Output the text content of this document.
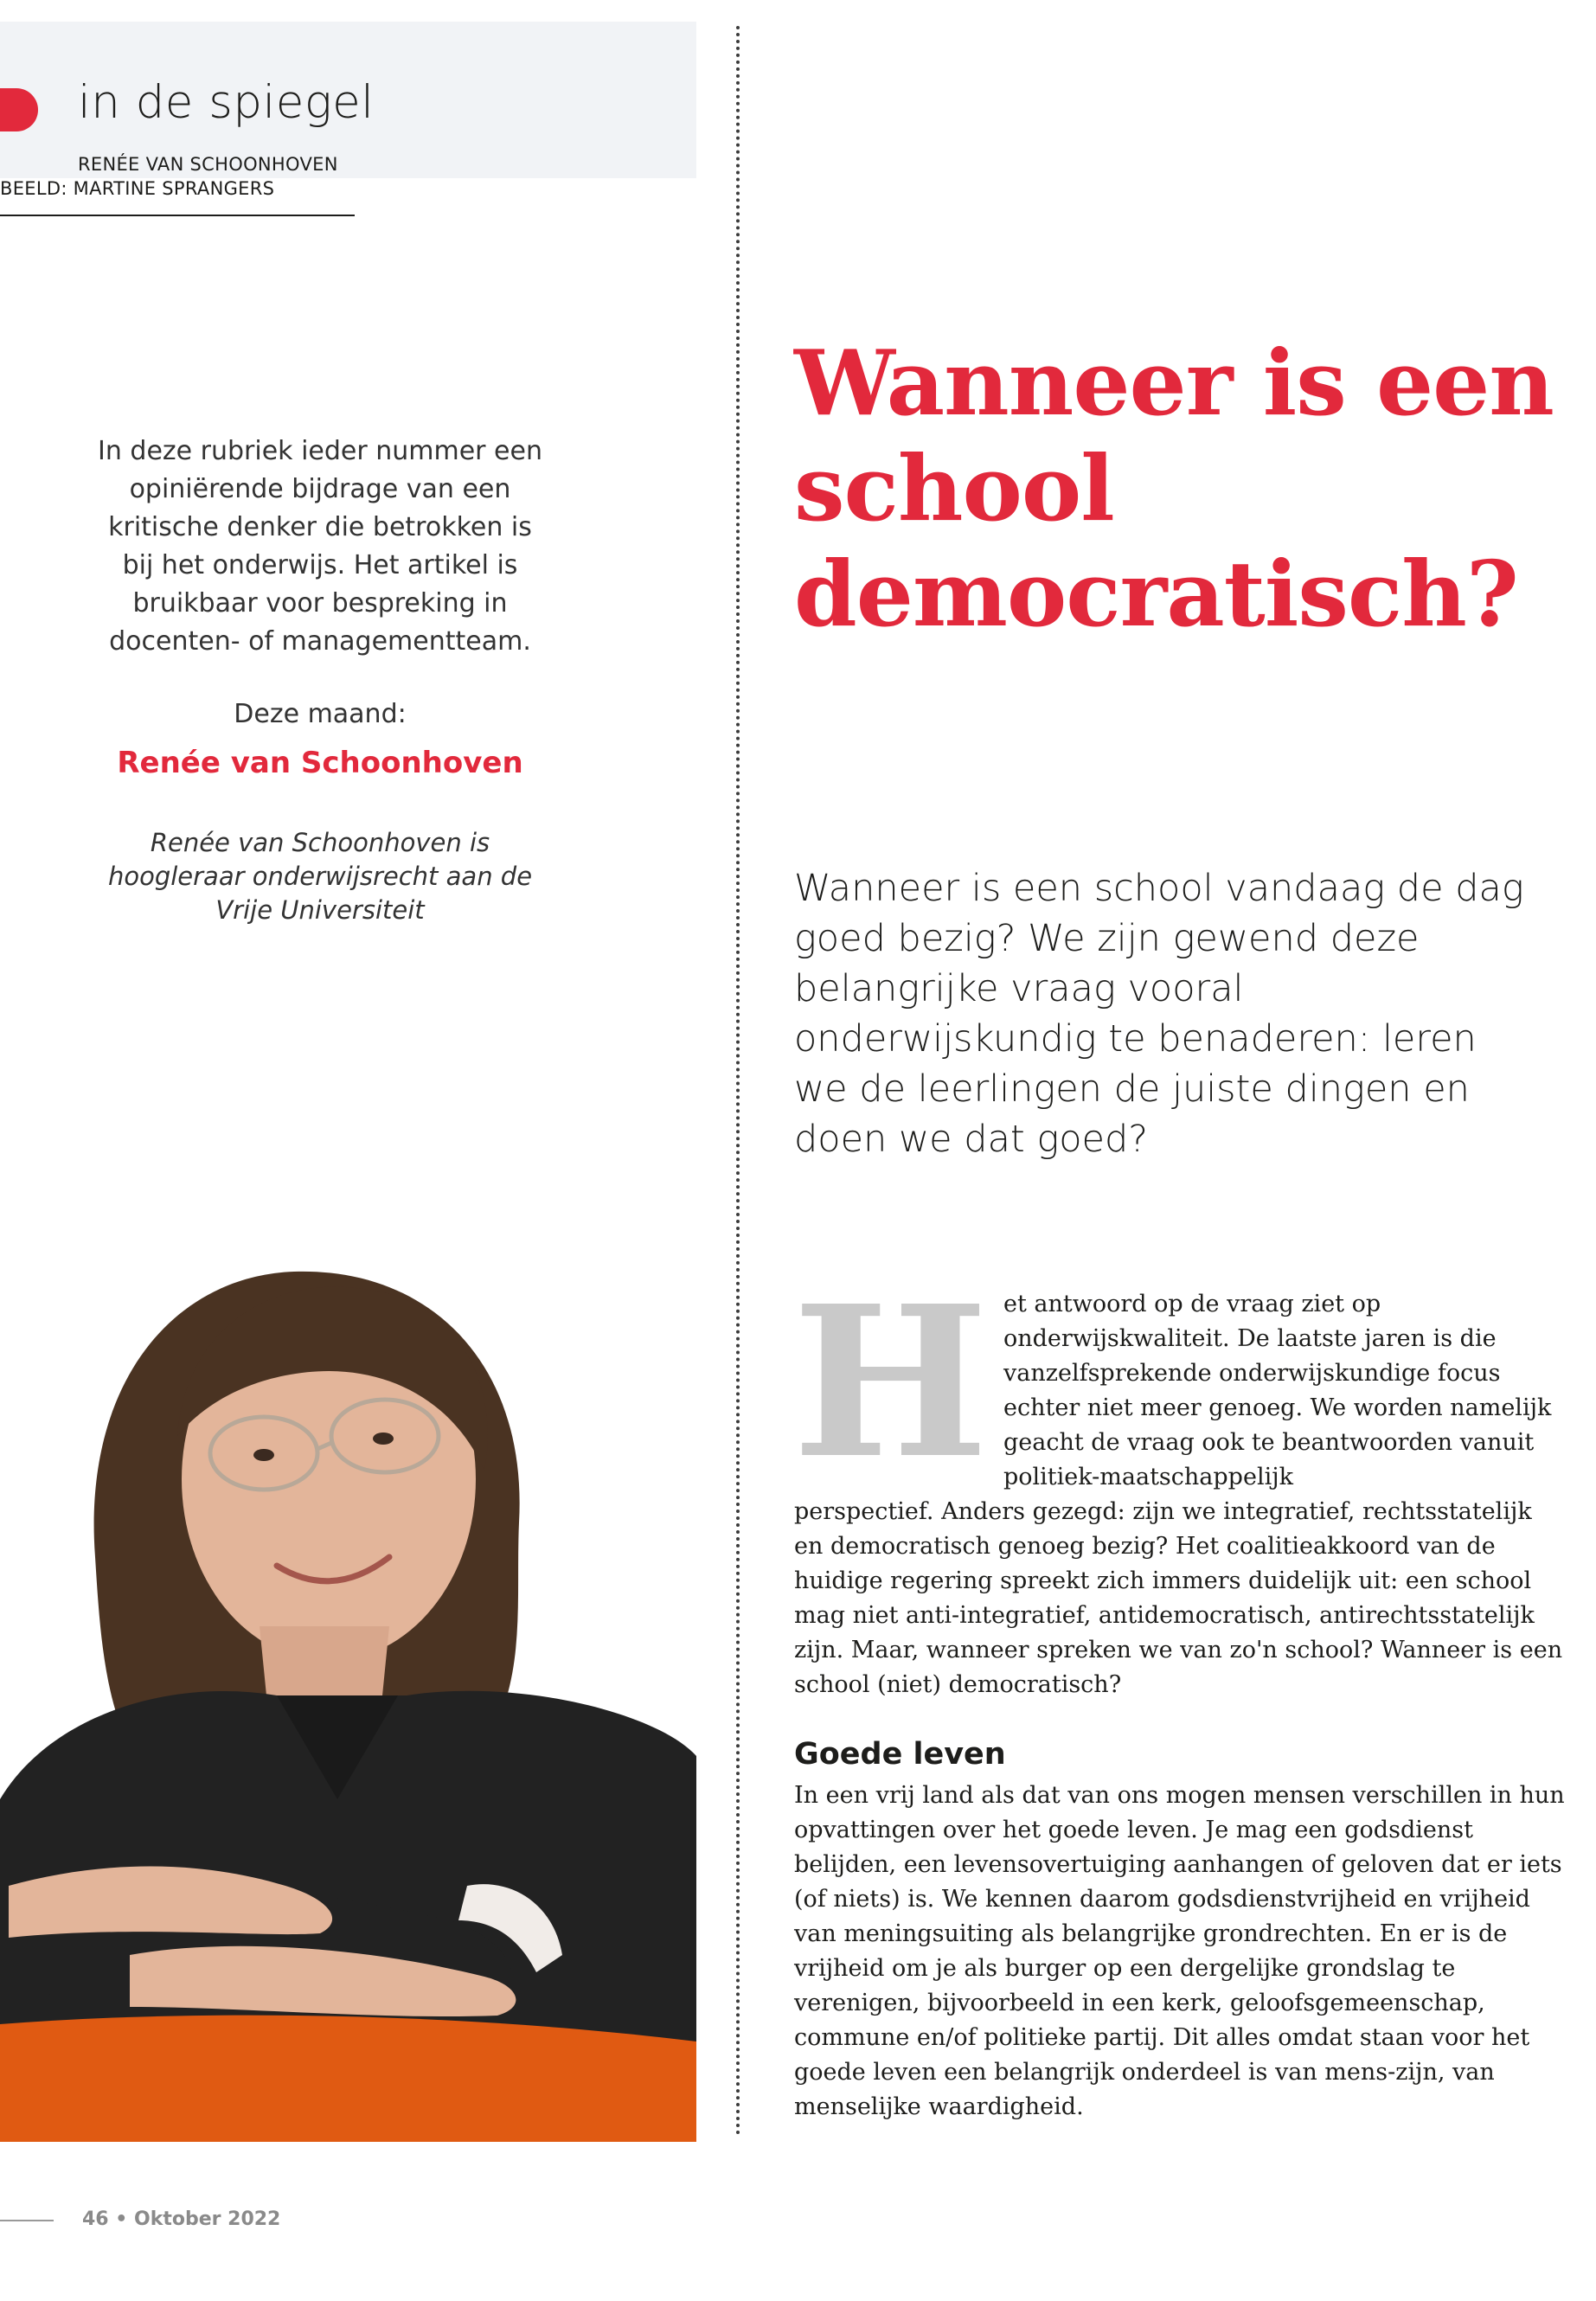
in de spiegel

RENÉE VAN SCHOONHOVEN

BEELD: MARTINE SPRANGERS

In deze rubriek ieder nummer een opiniërende bijdrage van een kritische denker die betrokken is bij het onderwijs. Het artikel is bruikbaar voor bespreking in docenten- of managementteam.

Deze maand:

Renée van Schoonhoven

Renée van Schoonhoven is hoogleraar onderwijsrecht aan de Vrije Universiteit

Wanneer is een school democratisch?

Wanneer is een school vandaag de dag goed bezig? We zijn gewend deze belangrijke vraag vooral onderwijskundig te benaderen: leren we de leerlingen de juiste dingen en doen we dat goed?

H et antwoord op de vraag ziet op onderwijskwaliteit. De laatste jaren is die vanzelfsprekende onderwijskundige focus echter niet meer genoeg. We worden namelijk geacht de vraag ook te beantwoorden vanuit politiek-maatschappelijk

perspectief. Anders gezegd: zijn we integratief, rechtsstatelijk en democratisch genoeg bezig? Het coalitieakkoord van de huidige regering spreekt zich immers duidelijk uit: een school mag niet anti-integratief, antidemocratisch, antirechtsstatelijk zijn. Maar, wanneer spreken we van zo'n school? Wanneer is een school (niet) democratisch?

Goede leven

In een vrij land als dat van ons mogen mensen verschillen in hun opvattingen over het goede leven. Je mag een godsdienst belijden, een levensovertuiging aanhangen of geloven dat er iets (of niets) is. We kennen daarom godsdienstvrijheid en vrijheid van meningsuiting als belangrijke grondrechten. En er is de vrijheid om je als burger op een dergelijke grondslag te verenigen, bijvoorbeeld in een kerk, geloofsgemeenschap, commune en/of politieke partij. Dit alles omdat staan voor het goede leven een belangrijk onderdeel is van mens-zijn, van menselijke waardigheid.

46 • Oktober 2022
